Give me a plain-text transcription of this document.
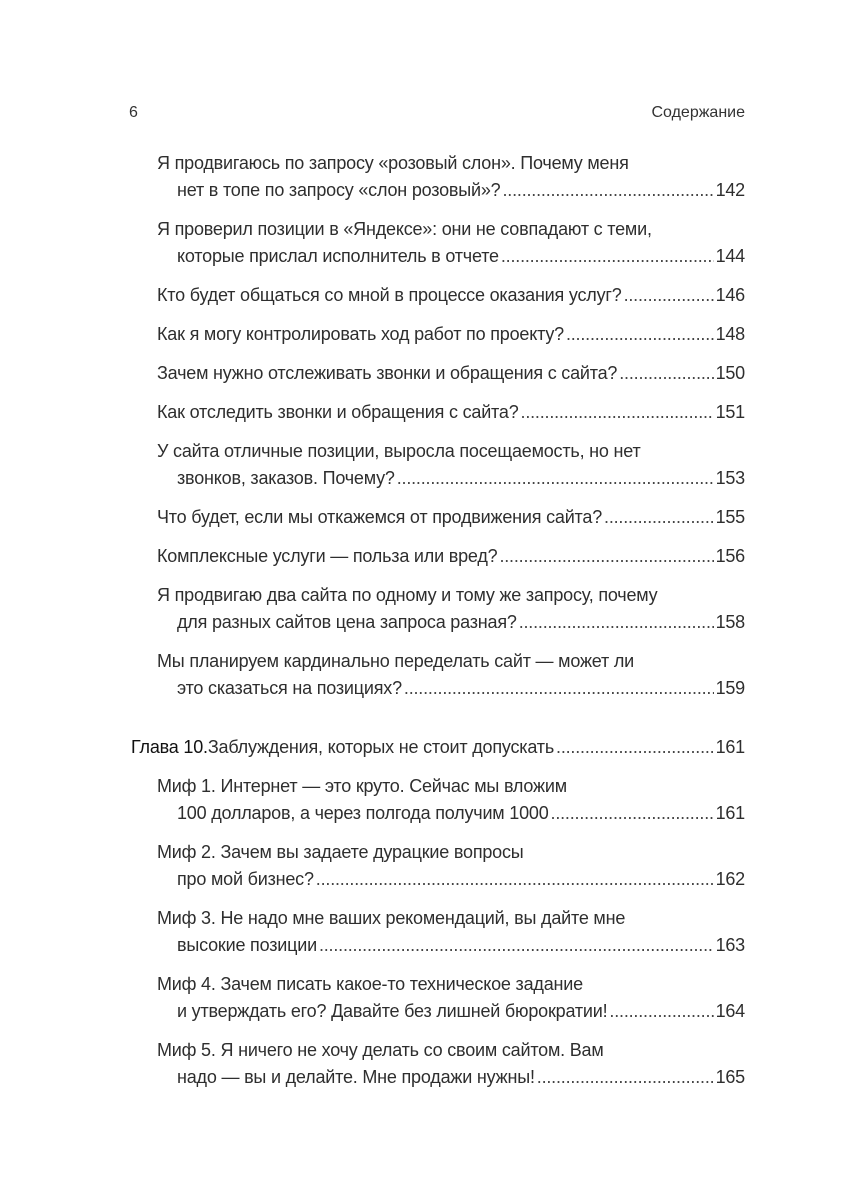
6	Содержание
Я продвигаюсь по запросу «розовый слон». Почему меня
нет в топе по запросу «слон розовый»? . . .	142
Я проверил позиции в «Яндексе»: они не совпадают с теми,
которые прислал исполнитель в отчете . . .	144
Кто будет общаться со мной в процессе оказания услуг? . . .	146
Как я могу контролировать ход работ по проекту? . . .	148
Зачем нужно отслеживать звонки и обращения с сайта? . . .	150
Как отследить звонки и обращения с сайта? . . .	151
У сайта отличные позиции, выросла посещаемость, но нет
звонков, заказов. Почему? . . .	153
Что будет, если мы откажемся от продвижения сайта? . . .	155
Комплексные услуги — польза или вред? . . .	156
Я продвигаю два сайта по одному и тому же запросу, почему
для разных сайтов цена запроса разная? . . .	158
Мы планируем кардинально переделать сайт — может ли
это сказаться на позициях? . . .	159
Глава 10. Заблуждения, которых не стоит допускать . . .	161
Миф 1. Интернет — это круто. Сейчас мы вложим
100 долларов, а через полгода получим 1000 . . .	161
Миф 2. Зачем вы задаете дурацкие вопросы
про мой бизнес? . . .	162
Миф 3. Не надо мне ваших рекомендаций, вы дайте мне
высокие позиции . . .	163
Миф 4. Зачем писать какое-то техническое задание
и утверждать его? Давайте без лишней бюрократии! . . .	164
Миф 5. Я ничего не хочу делать со своим сайтом. Вам
надо — вы и делайте. Мне продажи нужны! . . .	165
